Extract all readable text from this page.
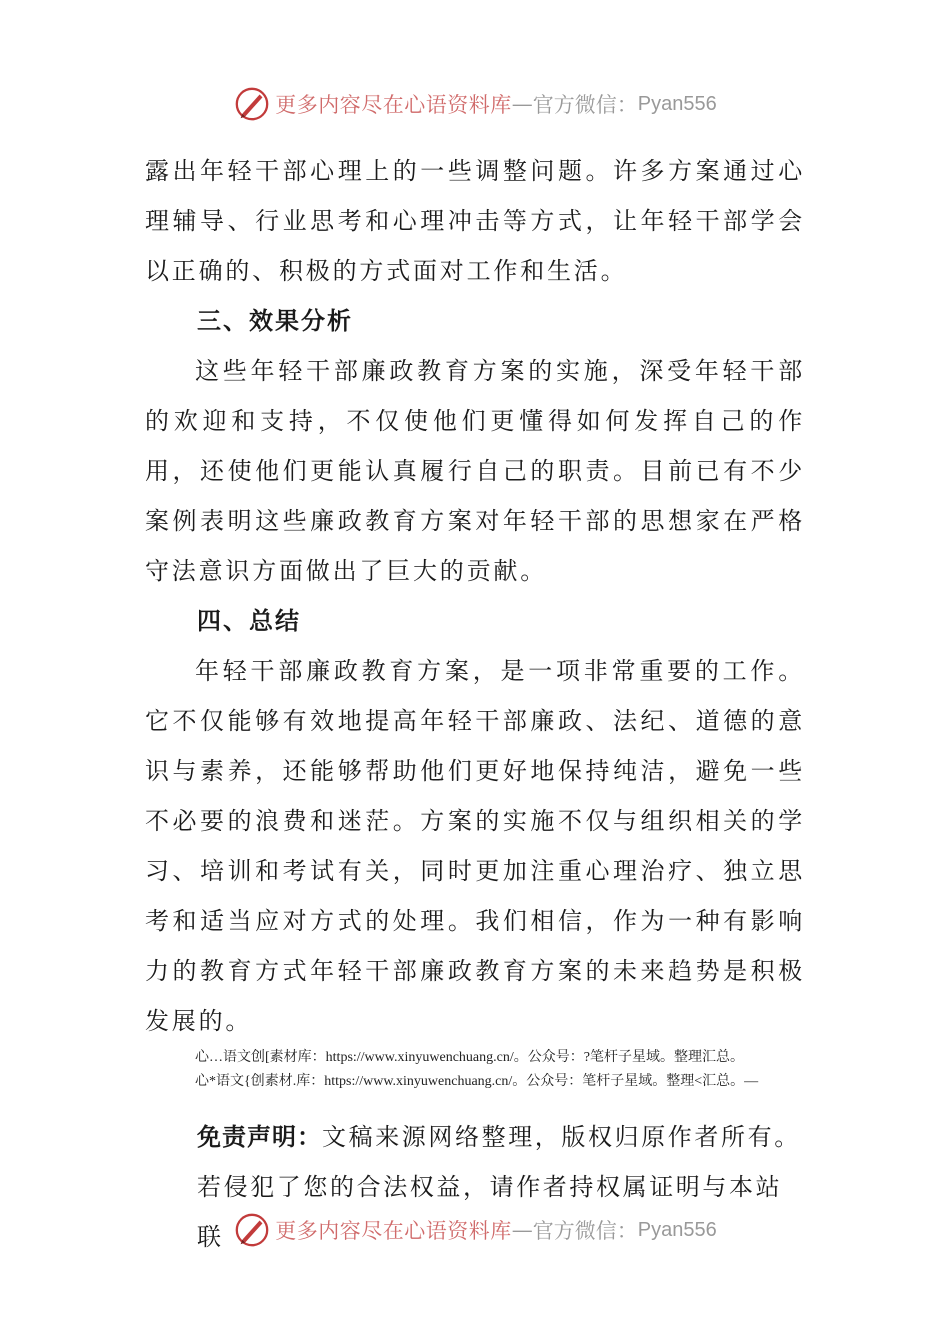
更多内容尽在心语资料库 — 官方微信： Pyan556

露出年轻干部心理上的一些调整问题。许多方案通过心理辅导、行业思考和心理冲击等方式，让年轻干部学会以正确的、积极的方式面对工作和生活。

三、效果分析

这些年轻干部廉政教育方案的实施，深受年轻干部的欢迎和支持，不仅使他们更懂得如何发挥自己的作用，还使他们更能认真履行自己的职责。目前已有不少案例表明这些廉政教育方案对年轻干部的思想家在严格守法意识方面做出了巨大的贡献。

四、总结

年轻干部廉政教育方案，是一项非常重要的工作。它不仅能够有效地提高年轻干部廉政、法纪、道德的意识与素养，还能够帮助他们更好地保持纯洁，避免一些不必要的浪费和迷茫。方案的实施不仅与组织相关的学习、培训和考试有关，同时更加注重心理治疗、独立思考和适当应对方式的处理。我们相信，作为一种有影响力的教育方式年轻干部廉政教育方案的未来趋势是积极发展的。

心…语文创[素材库：https://www.xinyuwenchuang.cn/。公众号：?笔杆子星域。整理汇总。

心*语文{创素材.库：https://www.xinyuwenchuang.cn/。公众号：笔杆子星域。整理<汇总。—

免责声明：文稿来源网络整理，版权归原作者所有。

若侵犯了您的合法权益，请作者持权属证明与本站联	更多内容尽在心语资料库 — 官方微信： Pyan556
